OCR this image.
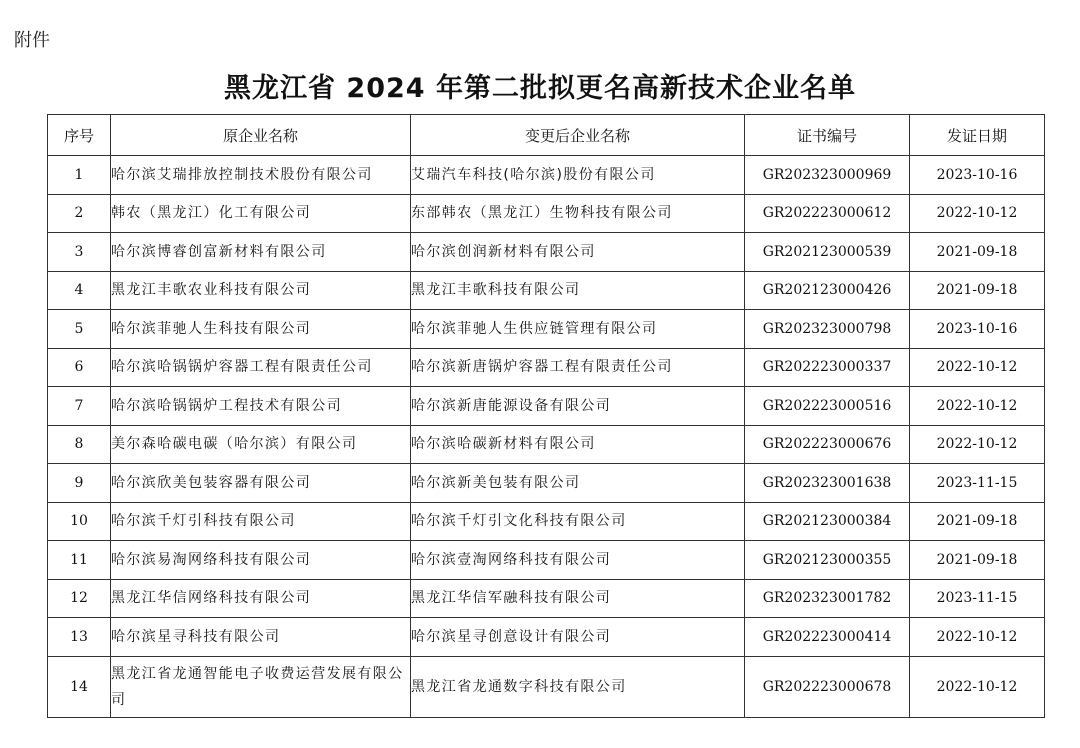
附件
黑龙江省 2024 年第二批拟更名高新技术企业名单
序号	原企业名称	变更后企业名称	证书编号	发证日期
1	哈尔滨艾瑞排放控制技术股份有限公司	艾瑞汽车科技(哈尔滨)股份有限公司	GR202323000969	2023-10-16
2	韩农（黑龙江）化工有限公司	东部韩农（黑龙江）生物科技有限公司	GR202223000612	2022-10-12
3	哈尔滨博睿创富新材料有限公司	哈尔滨创润新材料有限公司	GR202123000539	2021-09-18
4	黑龙江丰歌农业科技有限公司	黑龙江丰歌科技有限公司	GR202123000426	2021-09-18
5	哈尔滨菲驰人生科技有限公司	哈尔滨菲驰人生供应链管理有限公司	GR202323000798	2023-10-16
6	哈尔滨哈锅锅炉容器工程有限责任公司	哈尔滨新唐锅炉容器工程有限责任公司	GR202223000337	2022-10-12
7	哈尔滨哈锅锅炉工程技术有限公司	哈尔滨新唐能源设备有限公司	GR202223000516	2022-10-12
8	美尔森哈碳电碳（哈尔滨）有限公司	哈尔滨哈碳新材料有限公司	GR202223000676	2022-10-12
9	哈尔滨欣美包装容器有限公司	哈尔滨新美包装有限公司	GR202323001638	2023-11-15
10	哈尔滨千灯引科技有限公司	哈尔滨千灯引文化科技有限公司	GR202123000384	2021-09-18
11	哈尔滨易淘网络科技有限公司	哈尔滨壹淘网络科技有限公司	GR202123000355	2021-09-18
12	黑龙江华信网络科技有限公司	黑龙江华信军融科技有限公司	GR202323001782	2023-11-15
13	哈尔滨星寻科技有限公司	哈尔滨星寻创意设计有限公司	GR202223000414	2022-10-12
14	黑龙江省龙通智能电子收费运营发展有限公司	黑龙江省龙通数字科技有限公司	GR202223000678	2022-10-12
